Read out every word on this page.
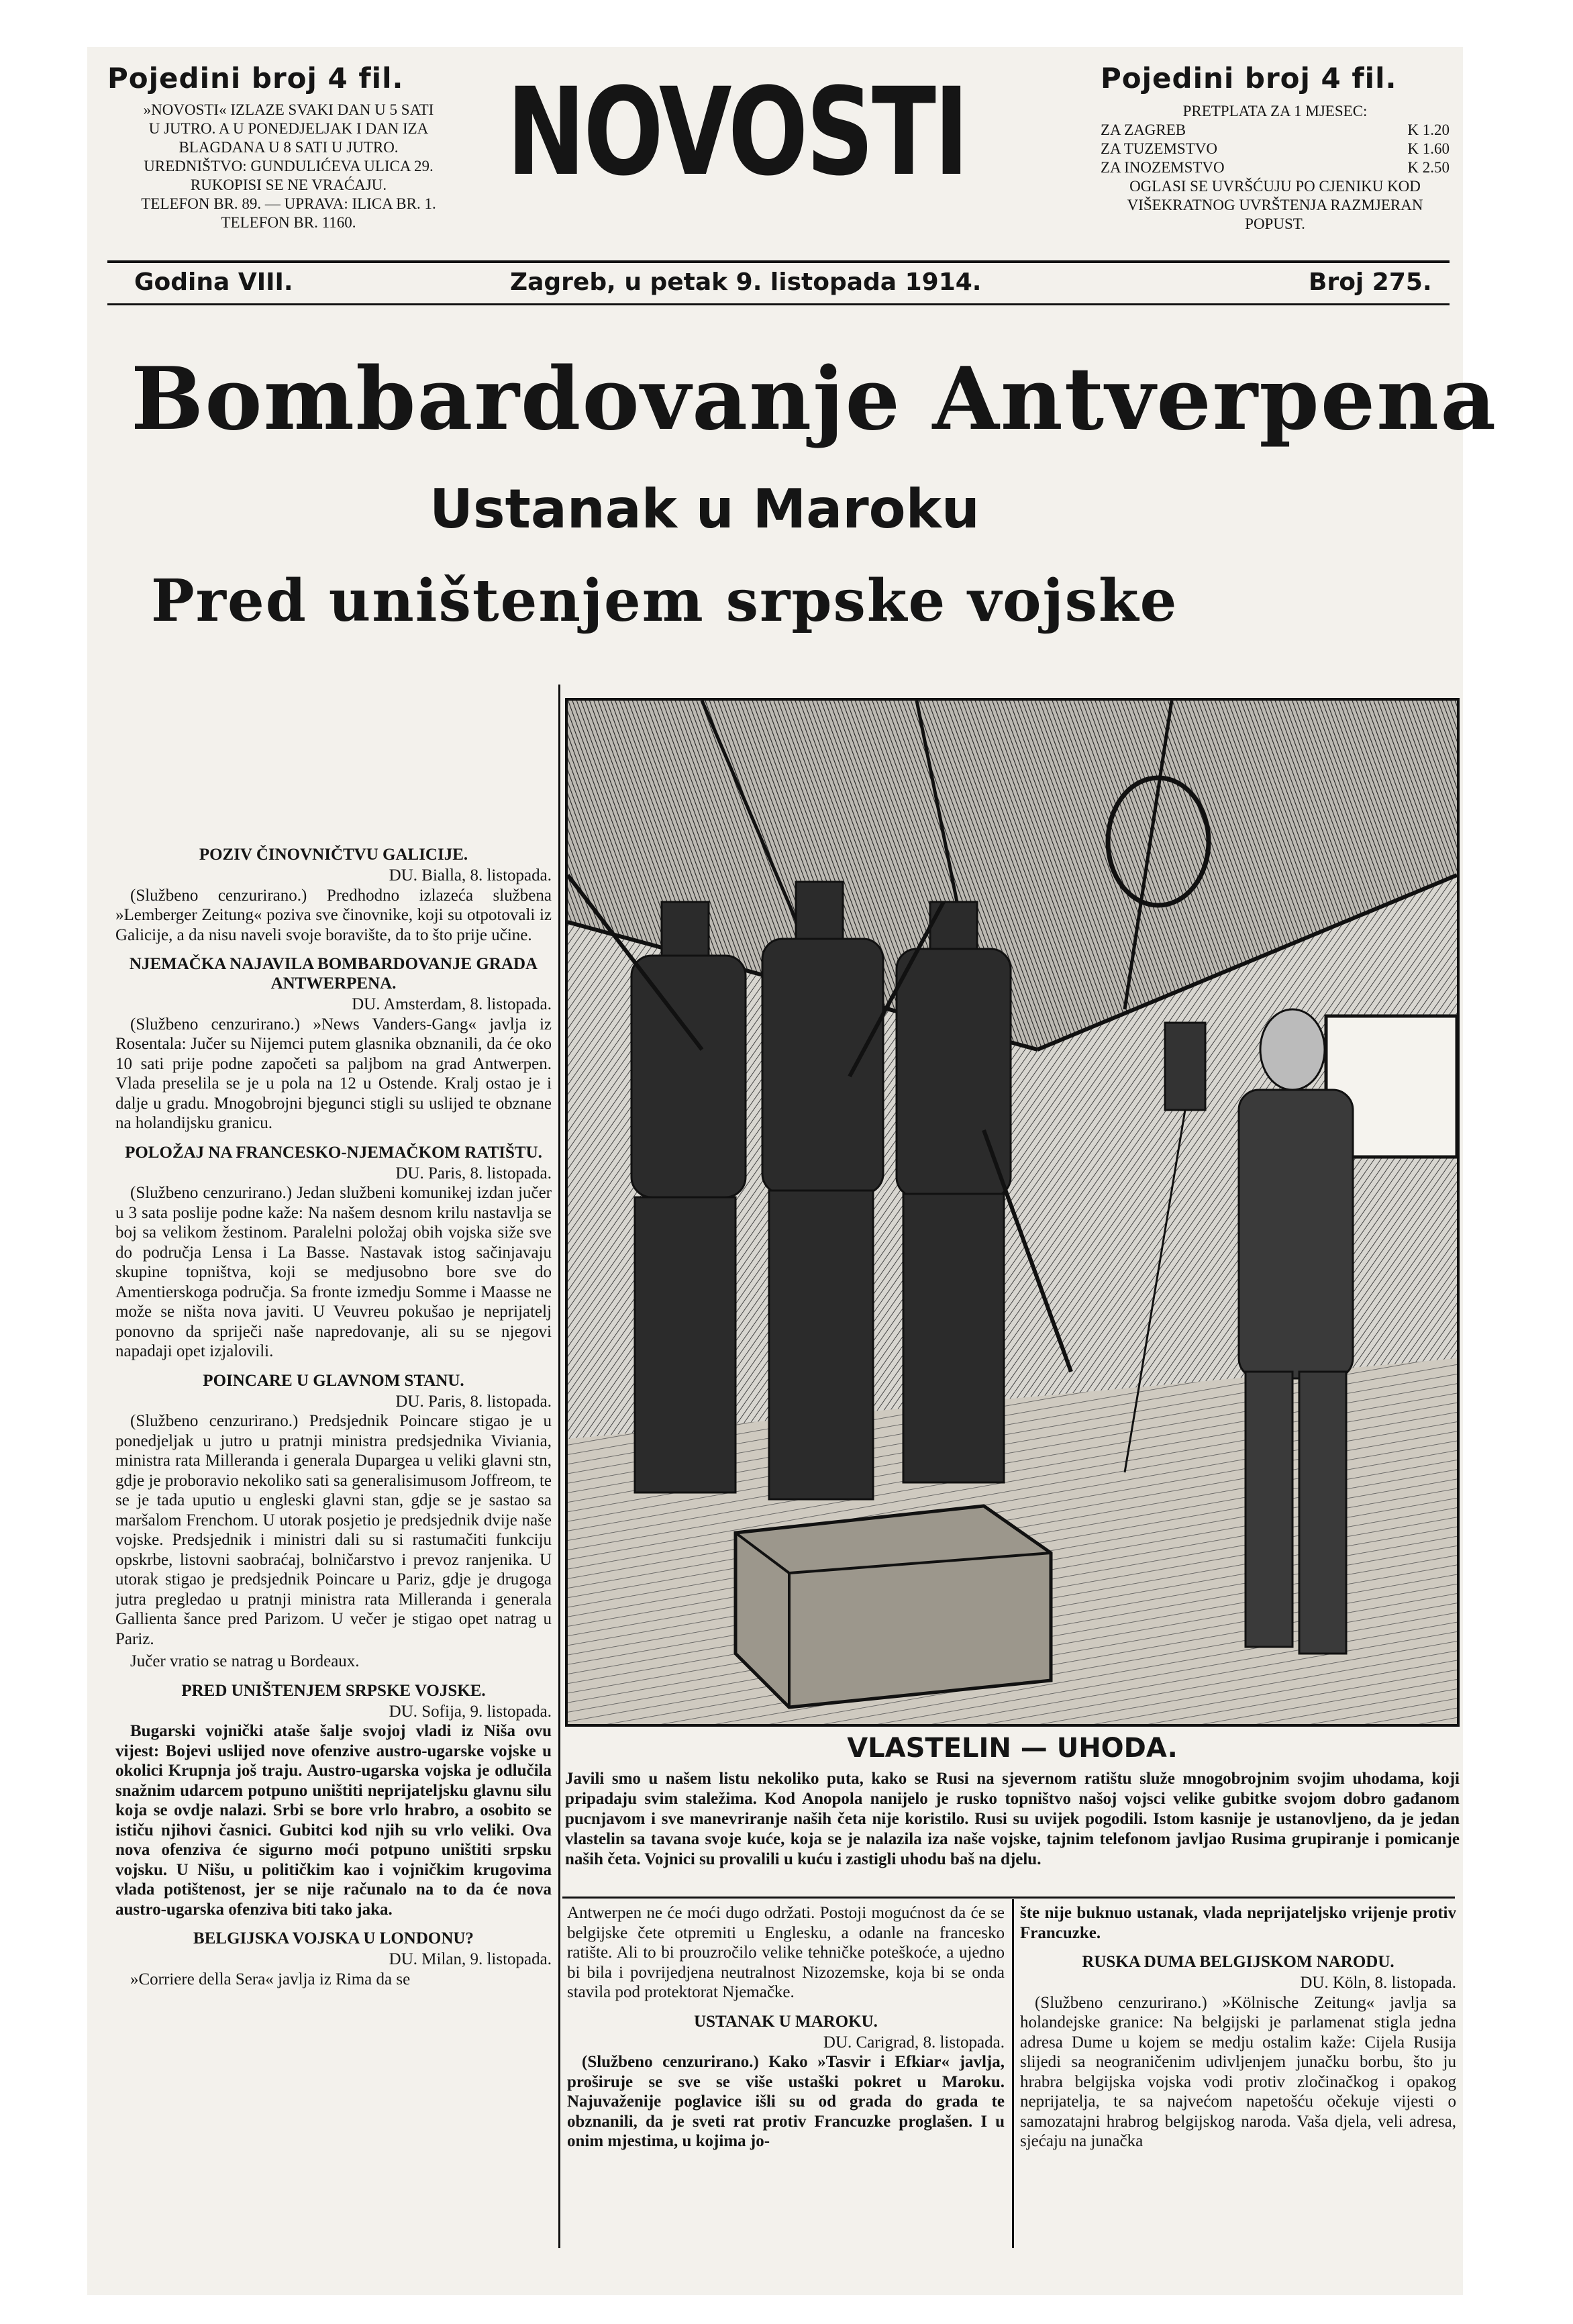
Pojedini broj 4 fil.
»NOVOSTI« IZLAZE SVAKI DAN U 5 SATI
U JUTRO. A U PONEDJELJAK I DAN IZA
BLAGDANA U 8 SATI U JUTRO.
UREDNIŠTVO: GUNDULIĆEVA ULICA 29.
RUKOPISI SE NE VRAĆAJU.
TELEFON BR. 89. — UPRAVA: ILICA BR. 1.
TELEFON BR. 1160.
NOVOSTI	Pojedini broj 4 fil.
PRETPLATA ZA 1 MJESEC:
ZA ZAGREB	K 1.20
ZA TUZEMSTVO	K 1.60
ZA INOZEMSTVO	K 2.50
OGLASI SE UVRŠĆUJU PO CJENIKU KOD VIŠEKRATNOG UVRŠTENJA RAZMJERAN POPUST.
Godina VIII.	Zagreb, u petak 9. listopada 1914.	Broj 275.
Bombardovanje Antverpena
Ustanak u Maroku
Pred uništenjem srpske vojske
VLASTELIN — UHODA.
Javili smo u našem listu nekoliko puta, kako se Rusi na sjevernom ratištu služe mnogobrojnim svojim uhodama, koji pripadaju svim staležima. Kod Anopola nanijelo je rusko topništvo našoj vojsci velike gubitke svojom dobro gađanom pucnjavom i sve manevriranje naših četa nije koristilo. Rusi su uvijek pogodili. Istom kasnije je ustanovljeno, da je jedan vlastelin sa tavana svoje kuće, koja se je nalazila iza naše vojske, tajnim telefonom javljao Rusima grupiranje i pomicanje naših četa. Vojnici su provalili u kuću i zastigli uhodu baš na djelu.

POZIV ČINOVNIČTVU GALICIJE.

DU. Bialla, 8. listopada.

(Službeno cenzurirano.) Predhodno izlazeća službena »Lemberger Zeitung« poziva sve činovnike, koji su otpotovali iz Galicije, a da nisu naveli svoje boravište, da to što prije učine.

NJEMAČKA NAJAVILA BOMBARDOVANJE GRADA ANTWERPENA.

DU. Amsterdam, 8. listopada.

(Službeno cenzurirano.) »News Vanders-Gang« javlja iz Rosentala: Jučer su Nijemci putem glasnika obznanili, da će oko 10 sati prije podne započeti sa paljbom na grad Antwerpen. Vlada preselila se je u pola na 12 u Ostende. Kralj ostao je i dalje u gradu. Mnogobrojni bjegunci stigli su uslijed te obznane na holandijsku granicu.

POLOŽAJ NA FRANCESKO-NJEMAČKOM RATIŠTU.

DU. Paris, 8. listopada.

(Službeno cenzurirano.) Jedan službeni komunikej izdan jučer u 3 sata poslije podne kaže: Na našem desnom krilu nastavlja se boj sa velikom žestinom. Paralelni položaj obih vojska siže sve do područja Lensa i La Basse. Nastavak istog sačinjavaju skupine topništva, koji se medjusobno bore sve do Amentierskoga područja. Sa fronte izmedju Somme i Maasse ne može se ništa nova javiti. U Veuvreu pokušao je neprijatelj ponovno da spriječi naše napredovanje, ali su se njegovi napadaji opet izjalovili.

POINCARE U GLAVNOM STANU.

DU. Paris, 8. listopada.

(Službeno cenzurirano.) Predsjednik Poincare stigao je u ponedjeljak u jutro u pratnji ministra predsjednika Viviania, ministra rata Millerandа i generala Dupargea u veliki glavni stn, gdje je proboravio nekoliko sati sa generalisimusom Joffreom, te se je tada uputio u engleski glavni stan, gdje se je sastao sa maršalom Frenchom. U utorak posjetio je predsjednik dvije naše vojske. Predsjednik i ministri dali su si rastumačiti funkciju opskrbe, listovni saobraćaj, bolničarstvo i prevoz ranjenika. U utorak stigao je predsjednik Poincare u Pariz, gdje je drugoga jutra pregledao u pratnji ministra rata Milleranda i generala Gallienta šance pred Parizom. U večer je stigao opet natrag u Pariz.

Jučer vratio se natrag u Bordeaux.

PRED UNIŠTENJEM SRPSKE VOJSKE.

DU. Sofija, 9. listopada.

Bugarski vojnički ataše šalje svojoj vladi iz Niša ovu vijest: Bojevi uslijed nove ofenzive austro-ugarske vojske u okolici Krupnja još traju. Austro-ugarska vojska je odlučila snažnim udarcem potpuno uništiti neprijateljsku glavnu silu koja se ovdje nalazi. Srbi se bore vrlo hrabro, a osobito se ističu njihovi časnici. Gubitci kod njih su vrlo veliki. Ova nova ofenziva će sigurno moći potpuno uništiti srpsku vojsku. U Nišu, u političkim kao i vojničkim krugovima vlada potištenost, jer se nije računalo na to da će nova austro-ugarska ofenziva biti tako jaka.

BELGIJSKA VOJSKA U LONDONU?

DU. Milan, 9. listopada.

»Corriere della Sera« javlja iz Rima da se

Antwerpen ne će moći dugo održati. Postoji mogućnost da će se belgijske čete otpremiti u Englesku, a odanle na francesko ratište. Ali to bi prouzročilo velike tehničke poteškoće, a ujedno bi bila i povrijedjena neutralnost Nizozemske, koja bi se onda stavila pod protektorat Njemačke.

USTANAK U MAROKU.

DU. Carigrad, 8. listopada.

(Službeno cenzurirano.) Kako »Tasvir i Efkiar« javlja, proširuje se sve se više ustaški pokret u Maroku. Najuvaženije poglavice išli su od grada do grada te obznanili, da je sveti rat protiv Francuzke proglašen. I u onim mjestima, u kojima jo-

šte nije buknuo ustanak, vlada neprijateljsko vrijenje protiv Francuzke.

RUSKA DUMA BELGIJSKOM NARODU.

DU. Köln, 8. listopada.

(Službeno cenzurirano.) »Kölnische Zeitung« javlja sa holandejske granice: Na belgijski je parlamenat stigla jedna adresa Dume u kojem se medju ostalim kaže: Cijela Rusija slijedi sa neograničenim udivljenjem junačku borbu, što ju hrabra belgijska vojska vodi protiv zločinačkog i opakog neprijatelja, te sa najvećom napetošću očekuje vijesti o samozatajni hrabrog belgijskog naroda. Vaša djela, veli adresa, sjećaju na junačka
